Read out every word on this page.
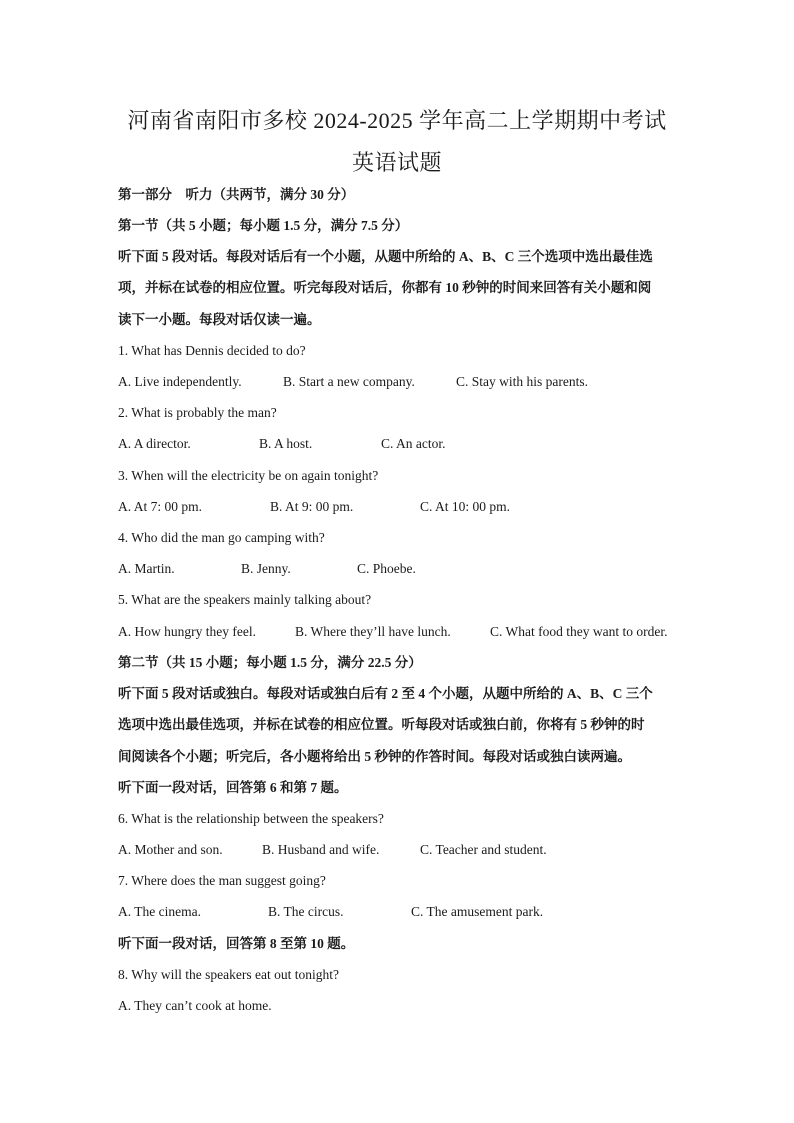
河南省南阳市多校 2024-2025 学年高二上学期期中考试
英语试题
第一部分　听力（共两节，满分 30 分）
第一节（共 5 小题；每小题 1.5 分，满分 7.5 分）
听下面 5 段对话。每段对话后有一个小题，从题中所给的 A、B、C 三个选项中选出最佳选
项，并标在试卷的相应位置。听完每段对话后，你都有 10 秒钟的时间来回答有关小题和阅
读下一小题。每段对话仅读一遍。
1. What has Dennis decided to do?
A. Live independently.	B. Start a new company.	C. Stay with his parents.
2. What is probably the man?
A. A director.	B. A host.	C. An actor.
3. When will the electricity be on again tonight?
A. At 7: 00 pm.	B. At 9: 00 pm.	C. At 10: 00 pm.
4. Who did the man go camping with?
A. Martin.	B. Jenny.	C. Phoebe.
5. What are the speakers mainly talking about?
A. How hungry they feel.	B. Where they’ll have lunch.	C. What food they want to order.
第二节（共 15 小题；每小题 1.5 分，满分 22.5 分）
听下面 5 段对话或独白。每段对话或独白后有 2 至 4 个小题，从题中所给的 A、B、C 三个
选项中选出最佳选项，并标在试卷的相应位置。听每段对话或独白前，你将有 5 秒钟的时
间阅读各个小题；听完后，各小题将给出 5 秒钟的作答时间。每段对话或独白读两遍。
听下面一段对话，回答第 6 和第 7 题。
6. What is the relationship between the speakers?
A. Mother and son.	B. Husband and wife.	C. Teacher and student.
7. Where does the man suggest going?
A. The cinema.	B. The circus.	C. The amusement park.
听下面一段对话，回答第 8 至第 10 题。
8. Why will the speakers eat out tonight?
A. They can’t cook at home.
